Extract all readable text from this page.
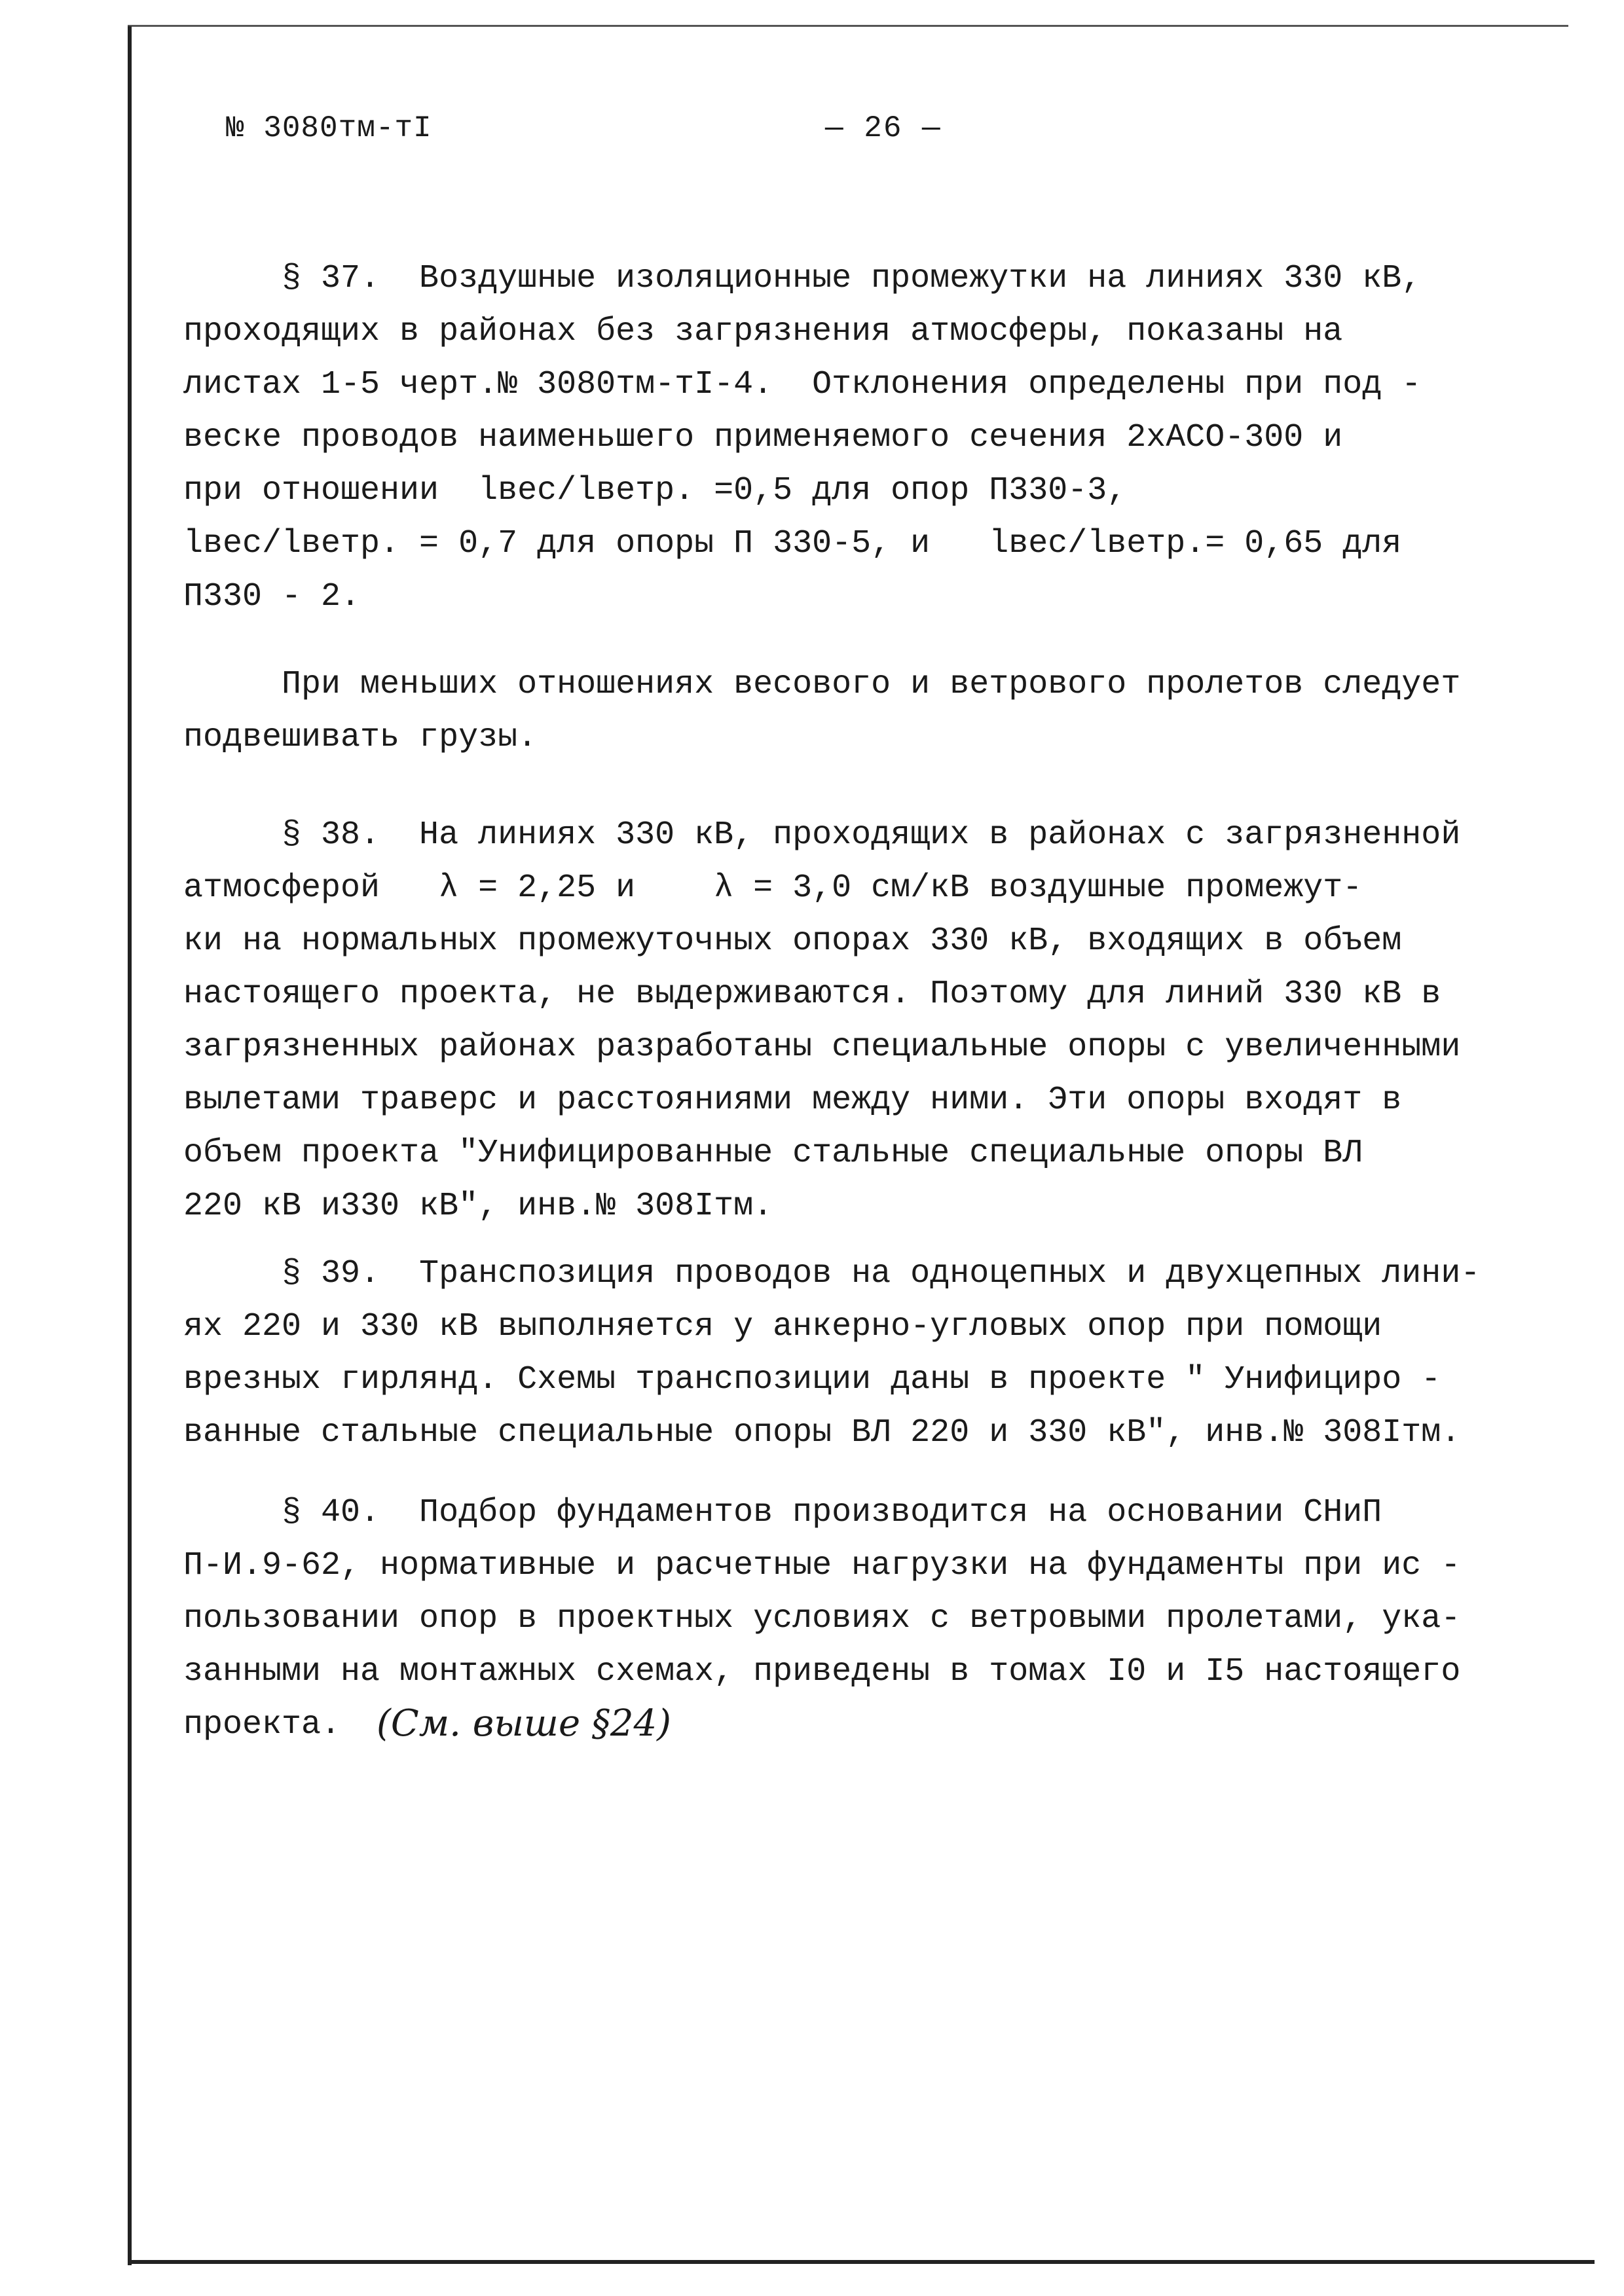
№ 3080тм-тI	— 26 —
§ 37.  Воздушные изоляционные промежутки на линиях 330 кВ,
проходящих в районах без загрязнения атмосферы, показаны на
листах 1-5 черт.№ 3080тм-тI-4.  Отклонения определены при под -
веске проводов наименьшего применяемого сечения 2хАСО-300 и
при отношении  lвес/lветр. =0,5 для опор П330-3,
lвес/lветр. = 0,7 для опоры П 330-5, и   lвес/lветр.= 0,65 для
П330 - 2.
При меньших отношениях весового и ветрового пролетов следует
подвешивать грузы.
§ 38.  На линиях 330 кВ, проходящих в районах с загрязненной
атмосферой   λ = 2,25 и    λ = 3,0 см/кВ воздушные промежут-
ки на нормальных промежуточных опорах 330 кВ, входящих в объем
настоящего проекта, не выдерживаются. Поэтому для линий 330 кВ в
загрязненных районах разработаны специальные опоры с увеличенными
вылетами траверс и расстояниями между ними. Эти опоры входят в
объем проекта "Унифицированные стальные специальные опоры ВЛ
220 кВ и330 кВ", инв.№ 308Iтм.
§ 39.  Транспозиция проводов на одноцепных и двухцепных лини-
ях 220 и 330 кВ выполняется у анкерно-угловых опор при помощи
врезных гирлянд. Схемы транспозиции даны в проекте " Унифициро -
ванные стальные специальные опоры ВЛ 220 и 330 кВ", инв.№ 308Iтм.
§ 40.  Подбор фундаментов производится на основании СНиП
П-И.9-62, нормативные и расчетные нагрузки на фундаменты при ис -
пользовании опор в проектных условиях с ветровыми пролетами, ука-
занными на монтажных схемах, приведены в томах I0 и I5 настоящего
проекта. (См. выше §24)
